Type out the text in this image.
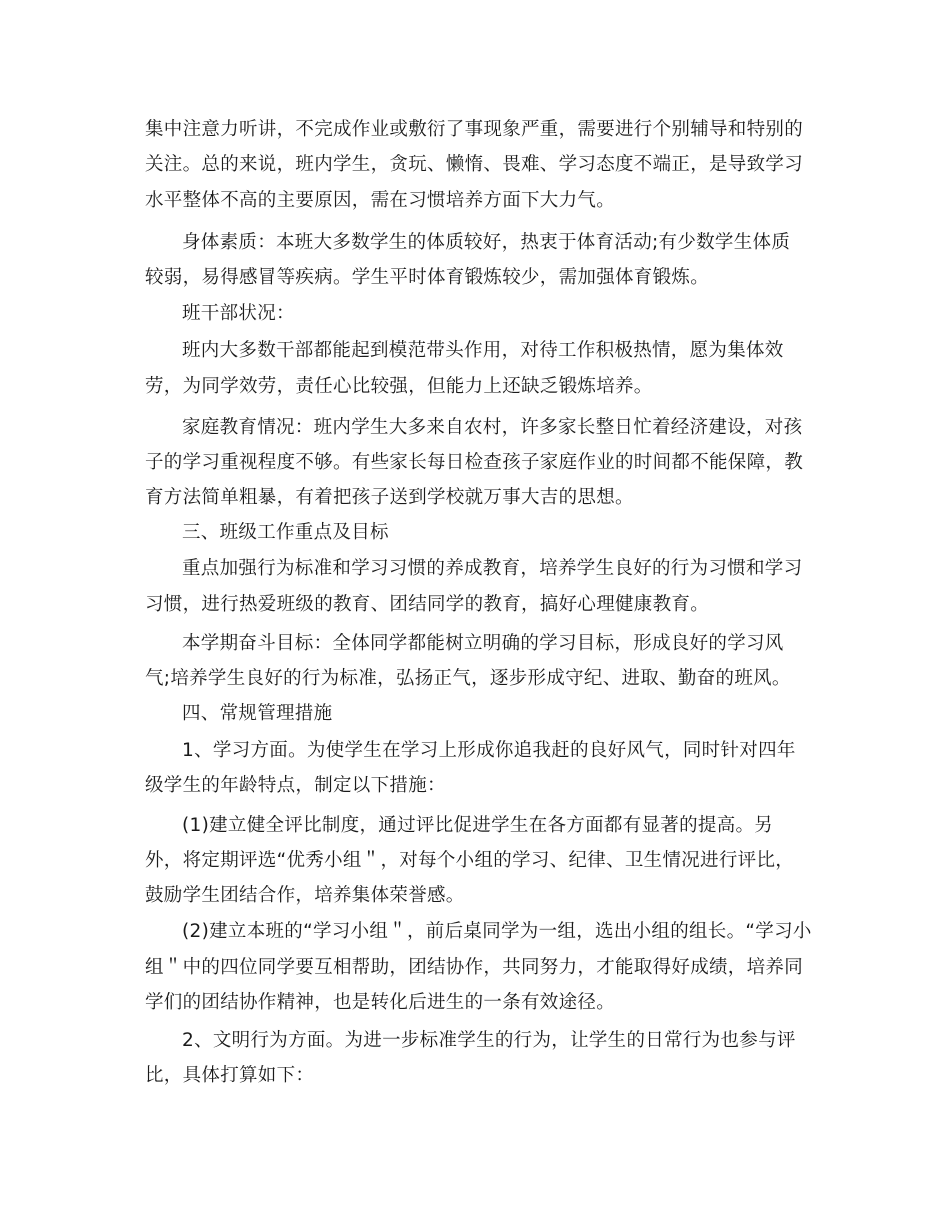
集中注意力听讲，不完成作业或敷衍了事现象严重，需要进行个别辅导和特别的

关注。总的来说，班内学生，贪玩、懒惰、畏难、学习态度不端正，是导致学习

水平整体不高的主要原因，需在习惯培养方面下大力气。

身体素质：本班大多数学生的体质较好，热衷于体育活动;有少数学生体质

较弱，易得感冒等疾病。学生平时体育锻炼较少，需加强体育锻炼。

班干部状况：

班内大多数干部都能起到模范带头作用，对待工作积极热情，愿为集体效

劳，为同学效劳，责任心比较强，但能力上还缺乏锻炼培养。

家庭教育情况：班内学生大多来自农村，许多家长整日忙着经济建设，对孩

子的学习重视程度不够。有些家长每日检查孩子家庭作业的时间都不能保障，教

育方法简单粗暴，有着把孩子送到学校就万事大吉的思想。

三、班级工作重点及目标

重点加强行为标准和学习习惯的养成教育，培养学生良好的行为习惯和学习

习惯，进行热爱班级的教育、团结同学的教育，搞好心理健康教育。

本学期奋斗目标：全体同学都能树立明确的学习目标，形成良好的学习风

气;培养学生良好的行为标准，弘扬正气，逐步形成守纪、进取、勤奋的班风。

四、常规管理措施

1、学习方面。为使学生在学习上形成你追我赶的良好风气，同时针对四年

级学生的年龄特点，制定以下措施：

(1)建立健全评比制度，通过评比促进学生在各方面都有显著的提高。另

外，将定期评选“优秀小组＂，对每个小组的学习、纪律、卫生情况进行评比，

鼓励学生团结合作，培养集体荣誉感。

(2)建立本班的“学习小组＂，前后桌同学为一组，选出小组的组长。“学习小

组＂中的四位同学要互相帮助，团结协作，共同努力，才能取得好成绩，培养同

学们的团结协作精神，也是转化后进生的一条有效途径。

2、文明行为方面。为进一步标准学生的行为，让学生的日常行为也参与评

比，具体打算如下：
